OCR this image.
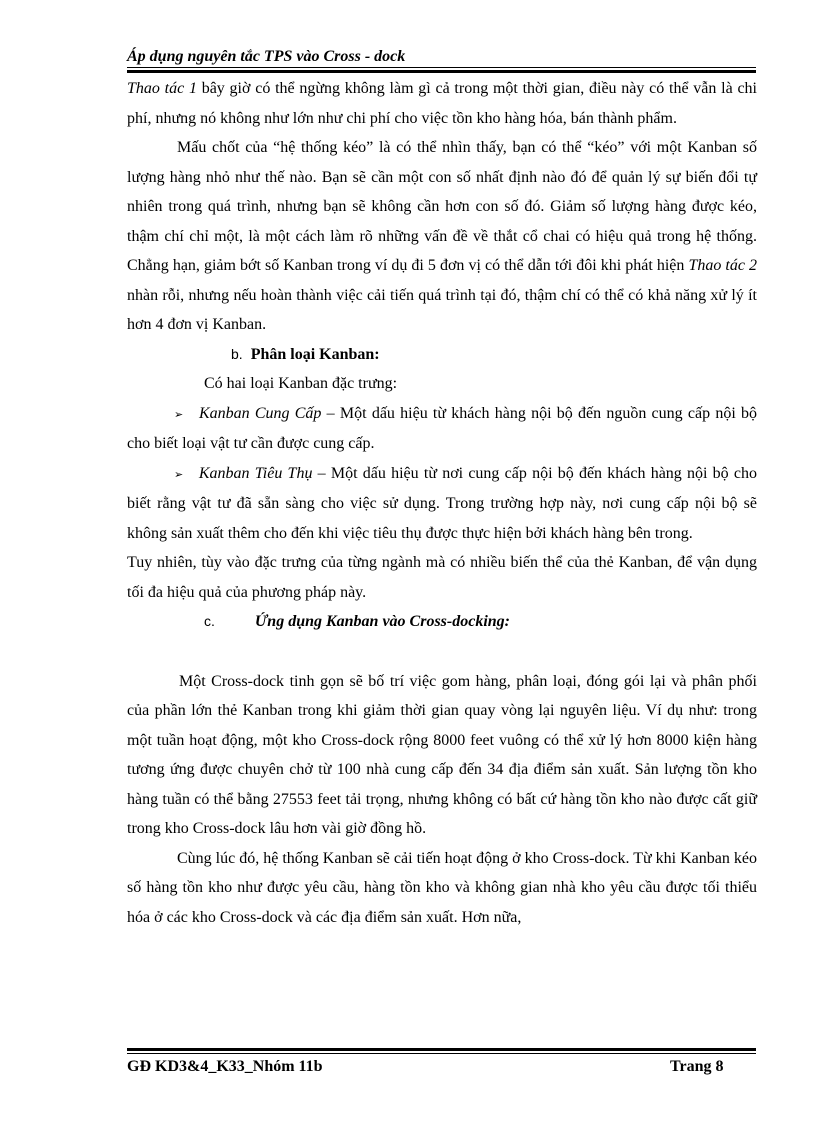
Áp dụng nguyên tắc TPS vào Cross - dock

Thao tác 1 bây giờ có thể ngừng không làm gì cả trong một thời gian, điều này có thể vẫn là chi phí, nhưng nó không như lớn như chi phí cho việc tồn kho hàng hóa, bán thành phẩm.

Mấu chốt của “hệ thống kéo” là có thể nhìn thấy, bạn có thể “kéo” với một Kanban số lượng hàng nhỏ như thế nào. Bạn sẽ cần một con số nhất định nào đó để quản lý sự biến đổi tự nhiên trong quá trình, nhưng bạn sẽ không cần hơn con số đó. Giảm số lượng hàng được kéo, thậm chí chỉ một, là một cách làm rõ những vấn đề về thắt cổ chai có hiệu quả trong hệ thống. Chẳng hạn, giảm bớt số Kanban trong ví dụ đi 5 đơn vị có thể dẫn tới đôi khi phát hiện Thao tác 2 nhàn rỗi, nhưng nếu hoàn thành việc cải tiến quá trình tại đó, thậm chí có thể có khả năng xử lý ít hơn 4 đơn vị Kanban.

b. Phân loại Kanban:

Có hai loại Kanban đặc trưng:

➢ Kanban Cung Cấp – Một dấu hiệu từ khách hàng nội bộ đến nguồn cung cấp nội bộ cho biết loại vật tư cần được cung cấp.

➢ Kanban Tiêu Thụ – Một dấu hiệu từ nơi cung cấp nội bộ đến khách hàng nội bộ cho biết rằng vật tư đã sẵn sàng cho việc sử dụng. Trong trường hợp này, nơi cung cấp nội bộ sẽ không sản xuất thêm cho đến khi việc tiêu thụ được thực hiện bởi khách hàng bên trong.

Tuy nhiên, tùy vào đặc trưng của từng ngành mà có nhiều biến thể của thẻ Kanban, để vận dụng tối đa hiệu quả của phương pháp này.

c.	Ứng dụng Kanban vào Cross-docking:

Một Cross-dock tinh gọn sẽ bố trí việc gom hàng, phân loại, đóng gói lại và phân phối của phần lớn thẻ Kanban trong khi giảm thời gian quay vòng lại nguyên liệu. Ví dụ như: trong một tuần hoạt động, một kho Cross-dock rộng 8000 feet vuông có thể xử lý hơn 8000 kiện hàng tương ứng được chuyên chở từ 100 nhà cung cấp đến 34 địa điểm sản xuất. Sản lượng tồn kho hàng tuần có thể bằng 27553 feet tải trọng, nhưng không có bất cứ hàng tồn kho nào được cất giữ trong kho Cross-dock lâu hơn vài giờ đồng hồ.

Cùng lúc đó, hệ thống Kanban sẽ cải tiến hoạt động ở kho Cross-dock. Từ khi Kanban kéo số hàng tồn kho như được yêu cầu, hàng tồn kho và không gian nhà kho yêu cầu được tối thiểu hóa ở các kho Cross-dock và các địa điểm sản xuất. Hơn nữa,

GĐ KD3&4_K33_Nhóm 11b	Trang 8
